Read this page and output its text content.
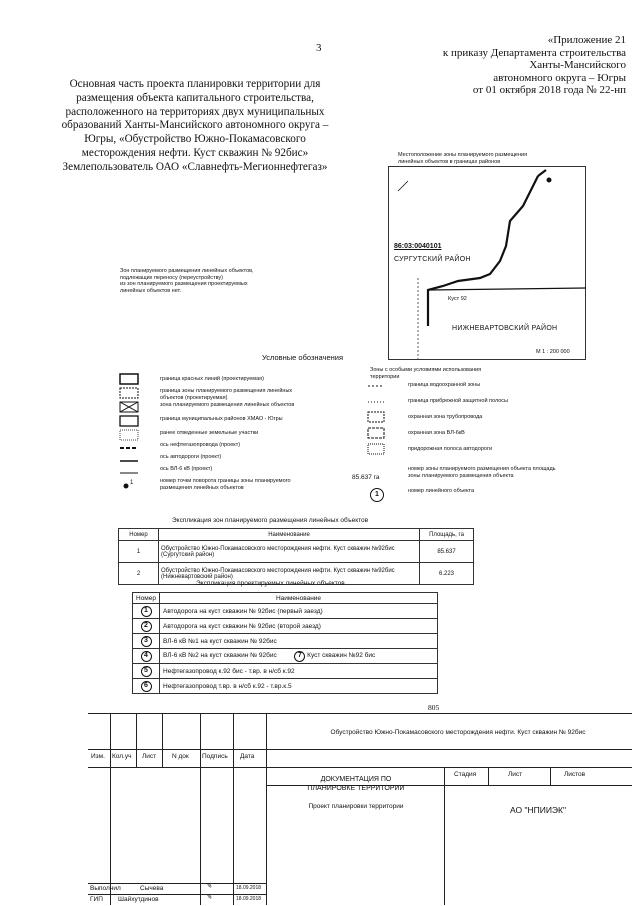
3
«Приложение 21
к приказу Департамента строительства
Ханты-Мансийского
автономного округа – Югры
от 01 октября 2018 года № 22-нп
Основная часть проекта планировки территории для
размещения объекта капитального строительства,
расположенного на территориях двух муниципальных
образований Ханты-Мансийского автономного округа –
Югры, «Обустройство Южно-Покамасовского
месторождения нефти. Куст скважин № 92бис»
Землепользователь ОАО «Славнефть-Мегионнефтегаз»
Местоположение зоны планируемого размещения
линейных объектов в границах районов
86:03:0040101
СУРГУТСКИЙ РАЙОН
Куст 92
НИЖНЕВАРТОВСКИЙ РАЙОН
М 1 : 200 000
Зон планируемого размещения линейных объектов,
подлежащих переносу (переустройству)
из зон планируемого размещения проектируемых
линейных объектов нет.
Условные обозначения
1
граница красных линий (проектируемая)
граница зоны планируемого размещения линейных объектов (проектируемая)
зона планируемого размещения линейных объектов
граница муниципальных районов ХМАО - Югры
ранее отведенные земельные участки
ось нефтегазопровода (проект)
ось автодороги (проект)
ось ВЛ-6 кВ (проект)
номер точки поворота границы зоны планируемого размещения линейных объектов
Зоны с особыми условиями использования территории
85.637 га
1
граница водоохранной зоны
граница прибрежной защитной полосы
охранная зона трубопровода
охранная зона ВЛ-6кВ
придорожная полоса автодороги
номер зоны планируемого размещения объекта площадь зоны планируемого размещения объекта
номер линейного объекта
Экспликация зон планируемого размещения линейных объектов
Номер	Наименование	Площадь, га
1	Обустройство Южно-Покамасовского месторождения нефти. Куст скважин №92бис (Сургутский район)	85.637
2	Обустройство Южно-Покамасовского месторождения нефти. Куст скважин №92бис (Нижневартовский район)	6.223
Экспликация проектируемых линейных объектов
Номер	Наименование
1	Автодорога на куст скважин № 92бис (первый заезд)
2	Автодорога на куст скважин № 92бис (второй заезд)
3	ВЛ-6 кВ №1 на куст скважин № 92бис
4	ВЛ-6 кВ №2 на куст скважин № 92бис 7 Куст скважин №92 бис
5	Нефтегазопровод к.92 бис - т.вр. в н/сб к.92
6	Нефтегазопровод т.вр. в н/сб к.92 - т.вр.к.5
805
Обустройство Южно-Покамасовского месторождения нефти. Куст скважин № 92бис
Изм. Кол.уч Лист N док Подпись Дата
Стадия	Лист	Листов
ДОКУМЕНТАЦИЯ ПО
ПЛАНИРОВКЕ ТЕРРИТОРИИ
Проект планировки территории	АО "НПИИЭК"
Выполнил	Сычева	✎	18.09.2018
ГИП Шайхутдинов	✎	18.09.2018
